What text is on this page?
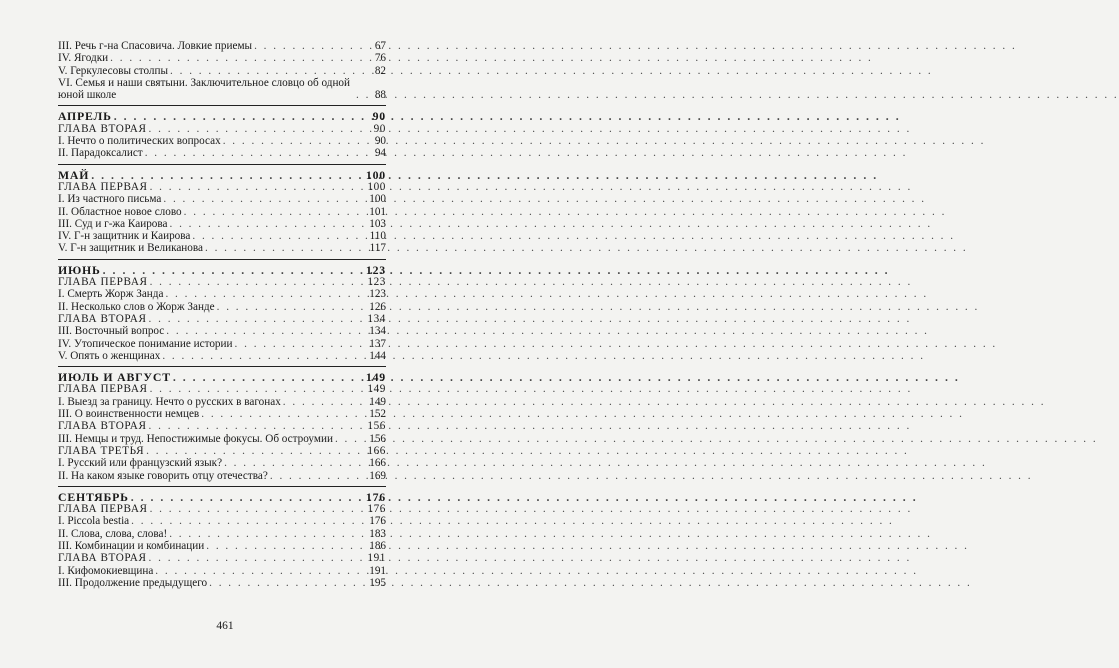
III. Речь г-на Спасовича. Ловкие приемы . . .	67
IV. Ягодки . . .	76
V. Геркулесовы столпы . . .	82
VI. Семья и наши святыни. Заключительное словцо об одной юной школе . . .	88
АПРЕЛЬ . . .	90
ГЛАВА ВТОРАЯ . . .	90
I. Нечто о политических вопросах . . .	90
II. Парадоксалист . . .	94
МАЙ . . .	100
ГЛАВА ПЕРВАЯ . . .	100
I. Из частного письма . . .	100
II. Областное новое слово . . .	101
III. Суд и г-жа Каирова . . .	103
IV. Г-н защитник и Каирова . . .	110
V. Г-н защитник и Великанова . . .	117
ИЮНЬ . . .	123
ГЛАВА ПЕРВАЯ . . .	123
I. Смерть Жорж Занда . . .	123
II. Несколько слов о Жорж Занде . . .	126
ГЛАВА ВТОРАЯ . . .	134
III. Восточный вопрос . . .	134
IV. Утопическое понимание истории . . .	137
V. Опять о женщинах . . .	144
ИЮЛЬ И АВГУСТ . . .	149
ГЛАВА ПЕРВАЯ . . .	149
I. Выезд за границу. Нечто о русских в вагонах . . .	149
III. О воинственности немцев . . .	152
ГЛАВА ВТОРАЯ . . .	156
III. Немцы и труд. Непостижимые фокусы. Об остроумии . . .	156
ГЛАВА ТРЕТЬЯ . . .	166
I. Русский или французский язык? . . .	166
II. На каком языке говорить отцу отечества? . . .	169
СЕНТЯБРЬ . . .	176
ГЛАВА ПЕРВАЯ . . .	176
I. Piccola bestia . . .	176
II. Слова, слова, слова! . . .	183
III. Комбинации и комбинации . . .	186
ГЛАВА ВТОРАЯ . . .	191
I. Кифомокиевщина . . .	191
III. Продолжение предыдущего . . .	195
461
